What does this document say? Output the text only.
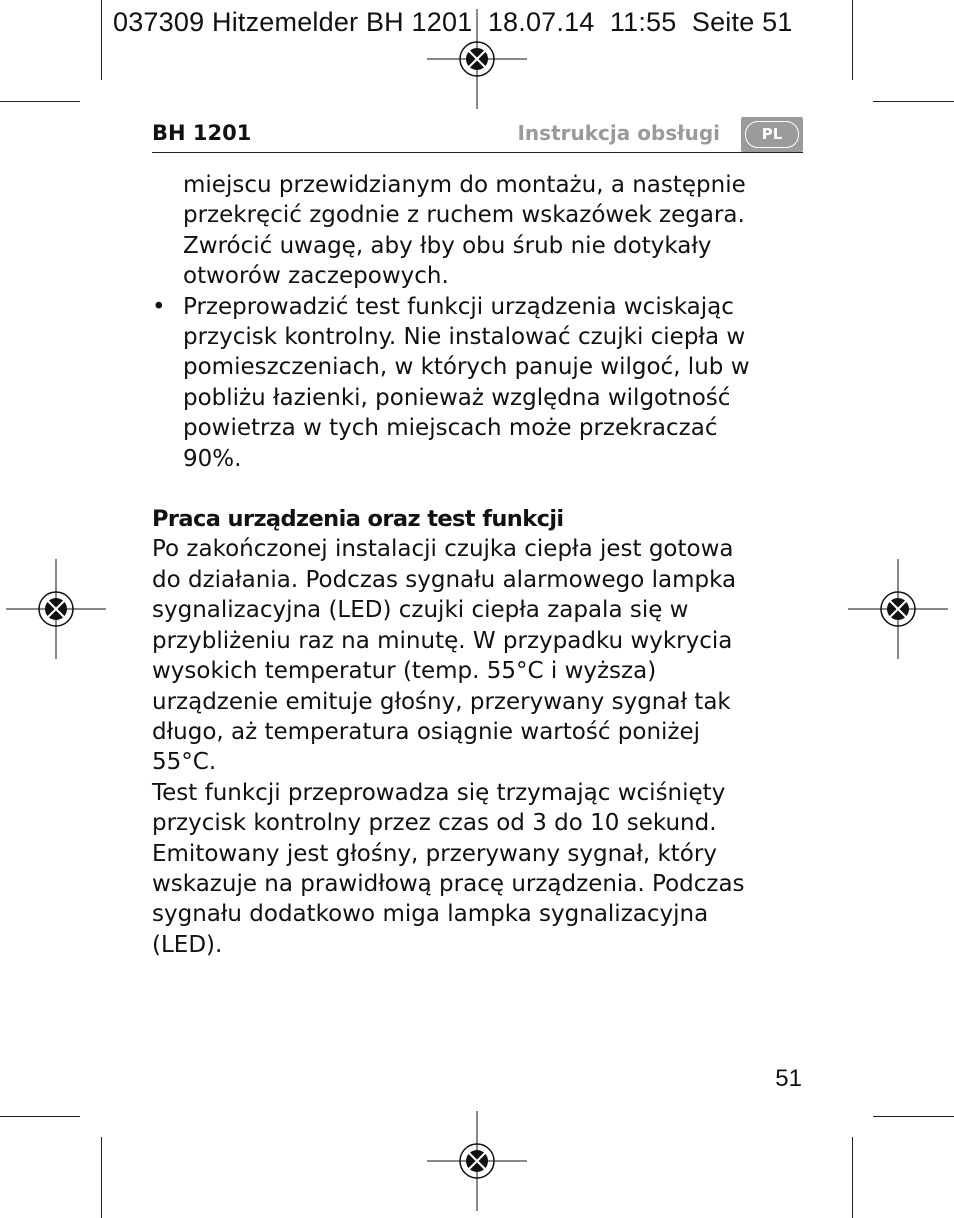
037309 Hitzemelder BH 1201  18.07.14  11:55  Seite 51
BH 1201	Instrukcja obsługi	PL

miejscu przewidzianym do montażu, a następnie

przekręcić zgodnie z ruchem wskazówek zegara.

Zwrócić uwagę, aby łby obu śrub nie dotykały

otworów zaczepowych.

• Przeprowadzić test funkcji urządzenia wciskając

przycisk kontrolny. Nie instalować czujki ciepła w

pomieszczeniach, w których panuje wilgoć, lub w

pobliżu łazienki, ponieważ względna wilgotność

powietrza w tych miejscach może przekraczać

90%.

Praca urządzenia oraz test funkcji

Po zakończonej instalacji czujka ciepła jest gotowa

do działania. Podczas sygnału alarmowego lampka

sygnalizacyjna (LED) czujki ciepła zapala się w

przybliżeniu raz na minutę. W przypadku wykrycia

wysokich temperatur (temp. 55°C i wyższa)

urządzenie emituje głośny, przerywany sygnał tak

długo, aż temperatura osiągnie wartość poniżej

55°C.

Test funkcji przeprowadza się trzymając wciśnięty

przycisk kontrolny przez czas od 3 do 10 sekund.

Emitowany jest głośny, przerywany sygnał, który

wskazuje na prawidłową pracę urządzenia. Podczas

sygnału dodatkowo miga lampka sygnalizacyjna

(LED).

51
